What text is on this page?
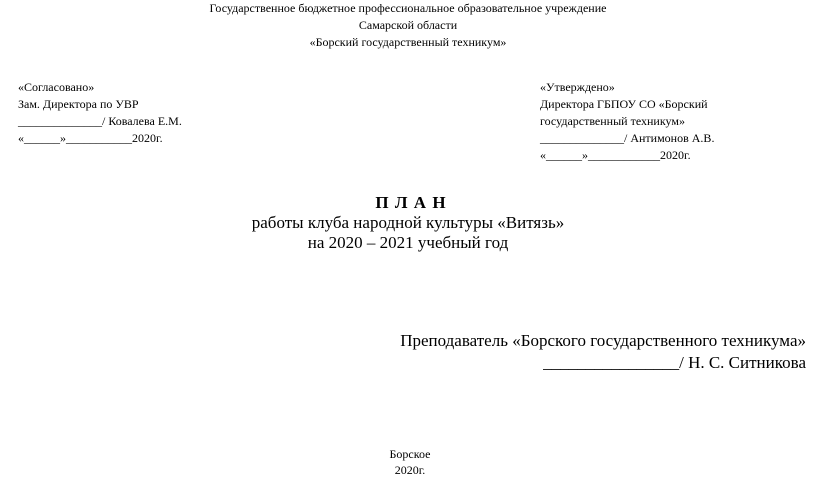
Государственное бюджетное профессиональное образовательное учреждение
Самарской области
«Борский государственный техникум»
«Согласовано»
Зам. Директора по УВР
______________/ Ковалева Е.М.
«______»___________2020г.
«Утверждено»
Директора ГБПОУ СО «Борский
государственный техникум»
______________/ Антимонов А.В.
«______»____________2020г.
П Л А Н
работы клуба народной культуры «Витязь»
на 2020 – 2021 учебный год
Преподаватель «Борского государственного техникума»
________________/ Н. С. Ситникова
Борское
2020г.
